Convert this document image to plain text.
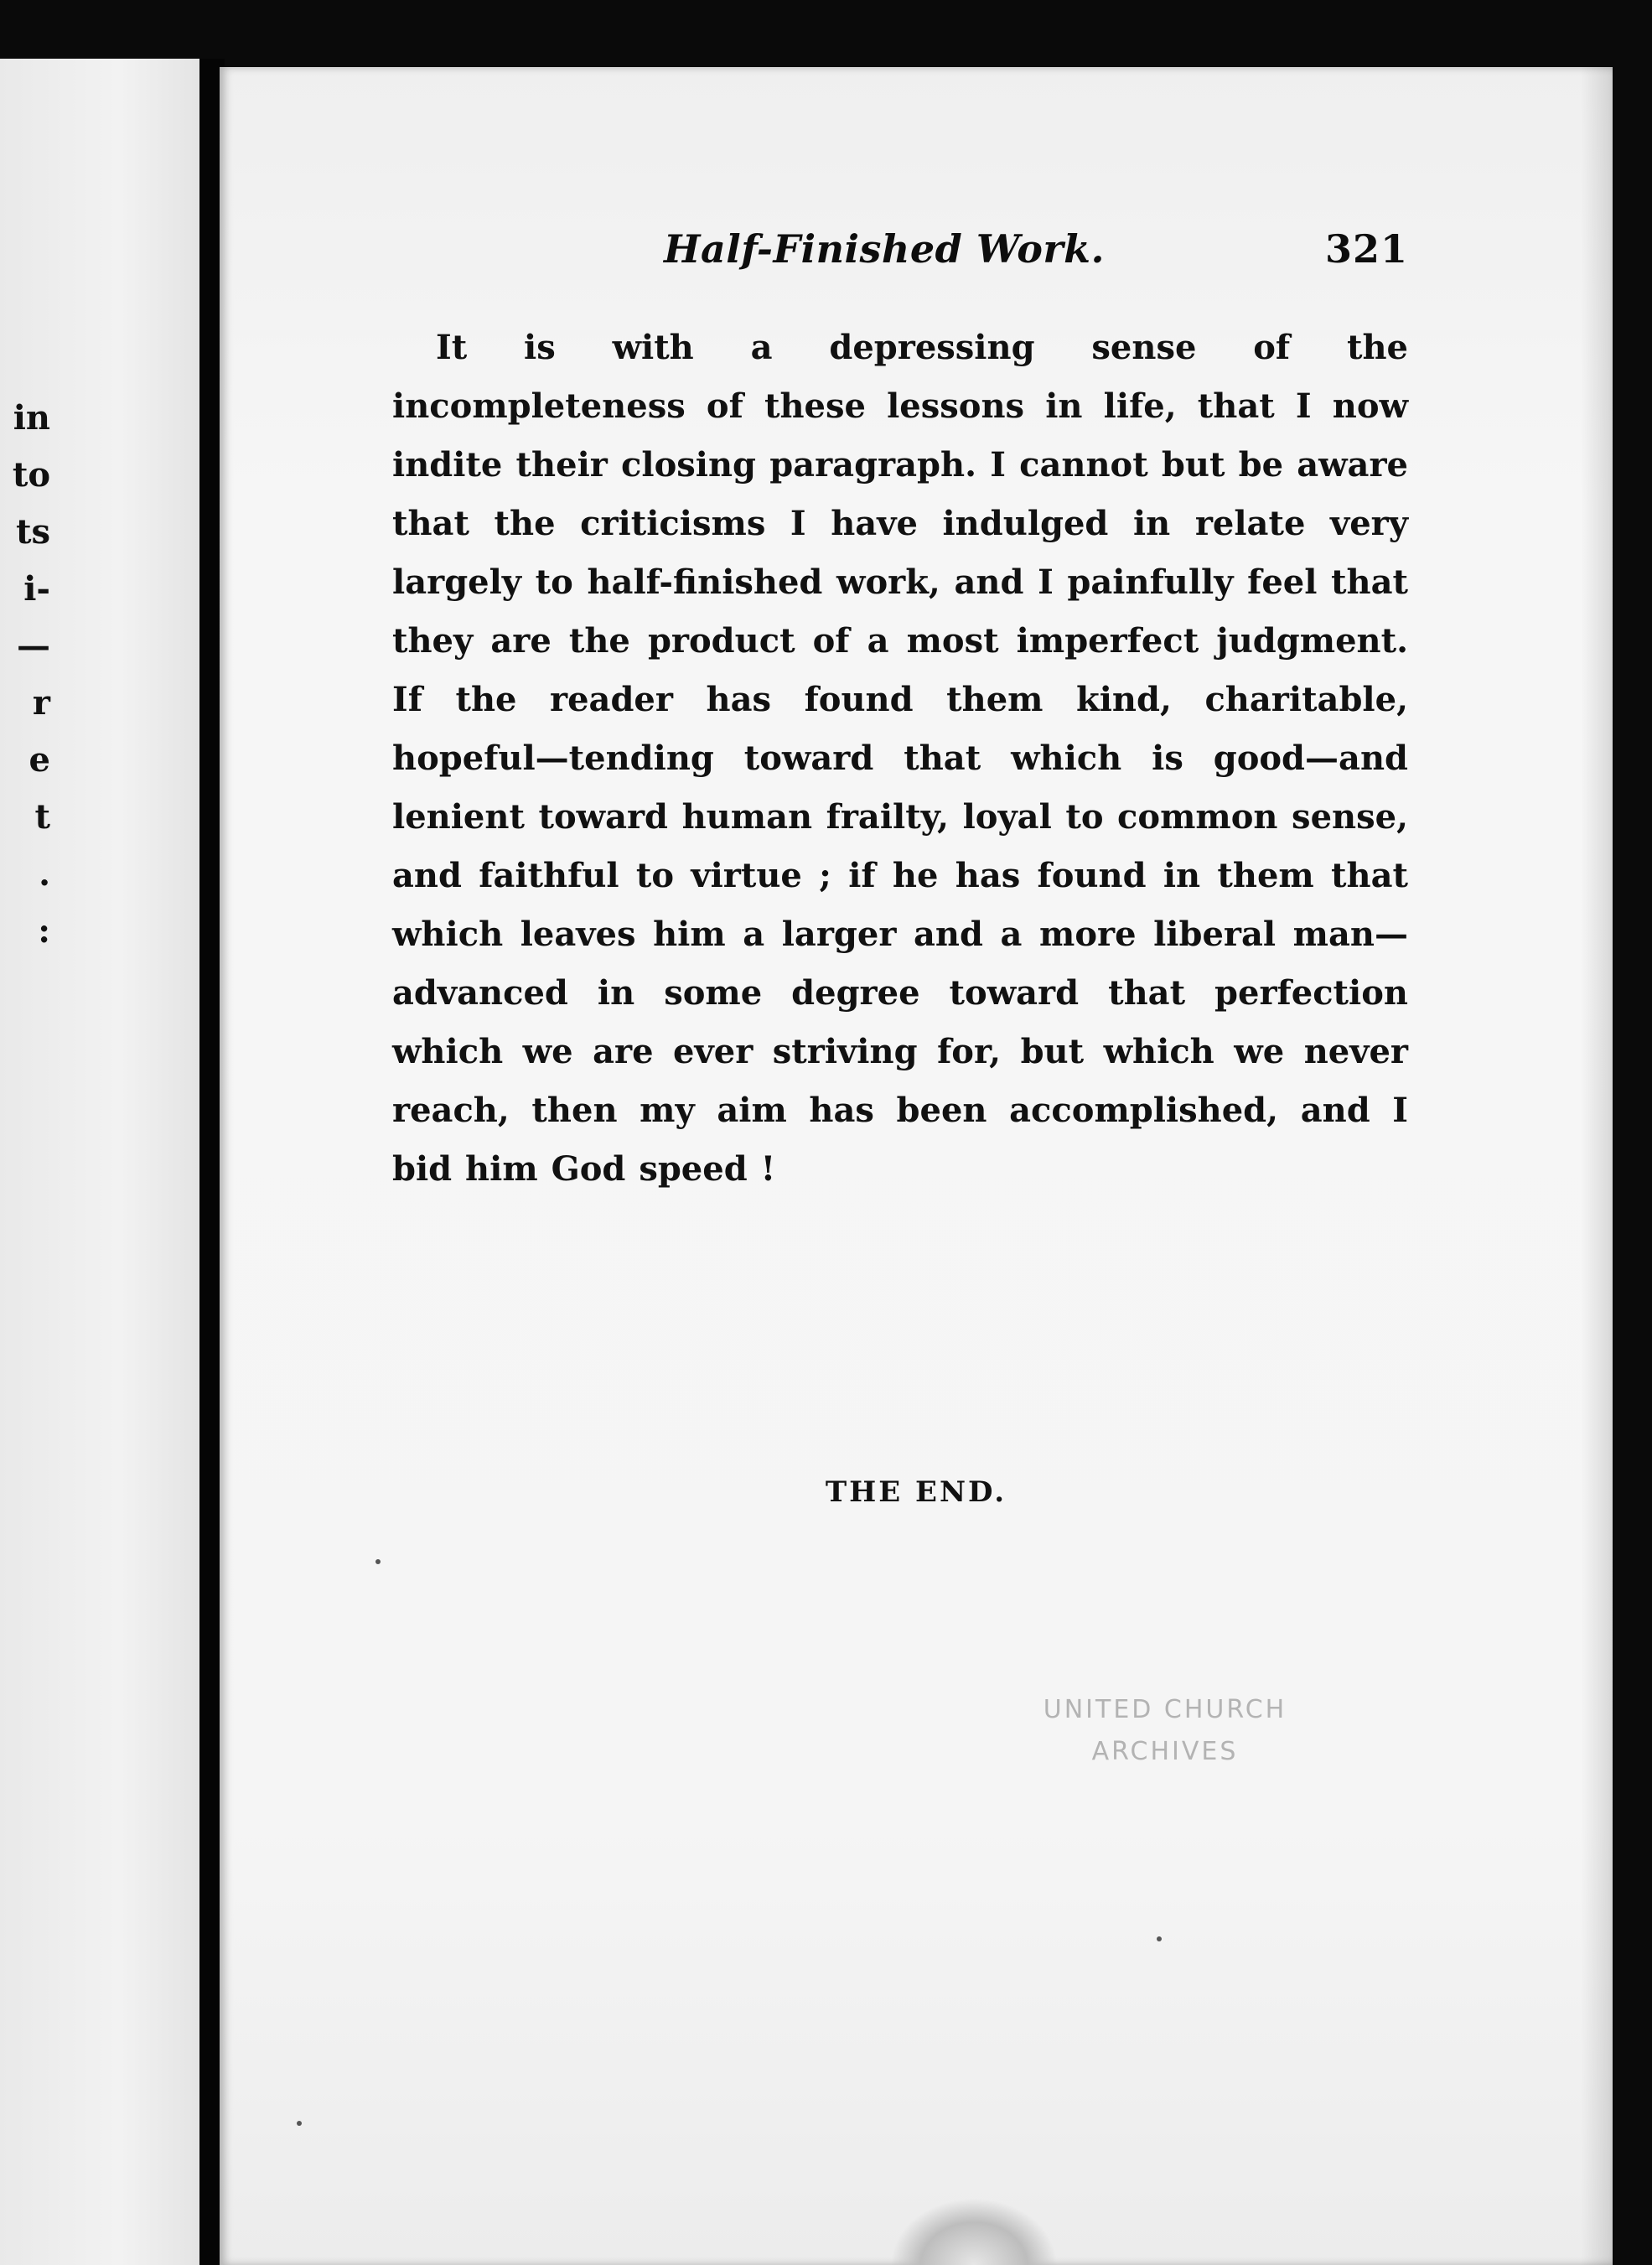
in
to
ts
i-
—
r
e
t
.
:
Half-Finished Work.	321

It is with a depressing sense of the incompleteness of these lessons in life, that I now indite their closing paragraph. I cannot but be aware that the criticisms I have indulged in relate very largely to half-finished work, and I painfully feel that they are the product of a most imperfect judgment. If the reader has found them kind, charitable, hopeful—tending toward that which is good—and lenient toward human frailty, loyal to common sense, and faithful to virtue ; if he has found in them that which leaves him a larger and a more liberal man—advanced in some degree toward that perfection which we are ever striving for, but which we never reach, then my aim has been accomplished, and I bid him God speed !

THE END.
UNITED CHURCH
ARCHIVES
